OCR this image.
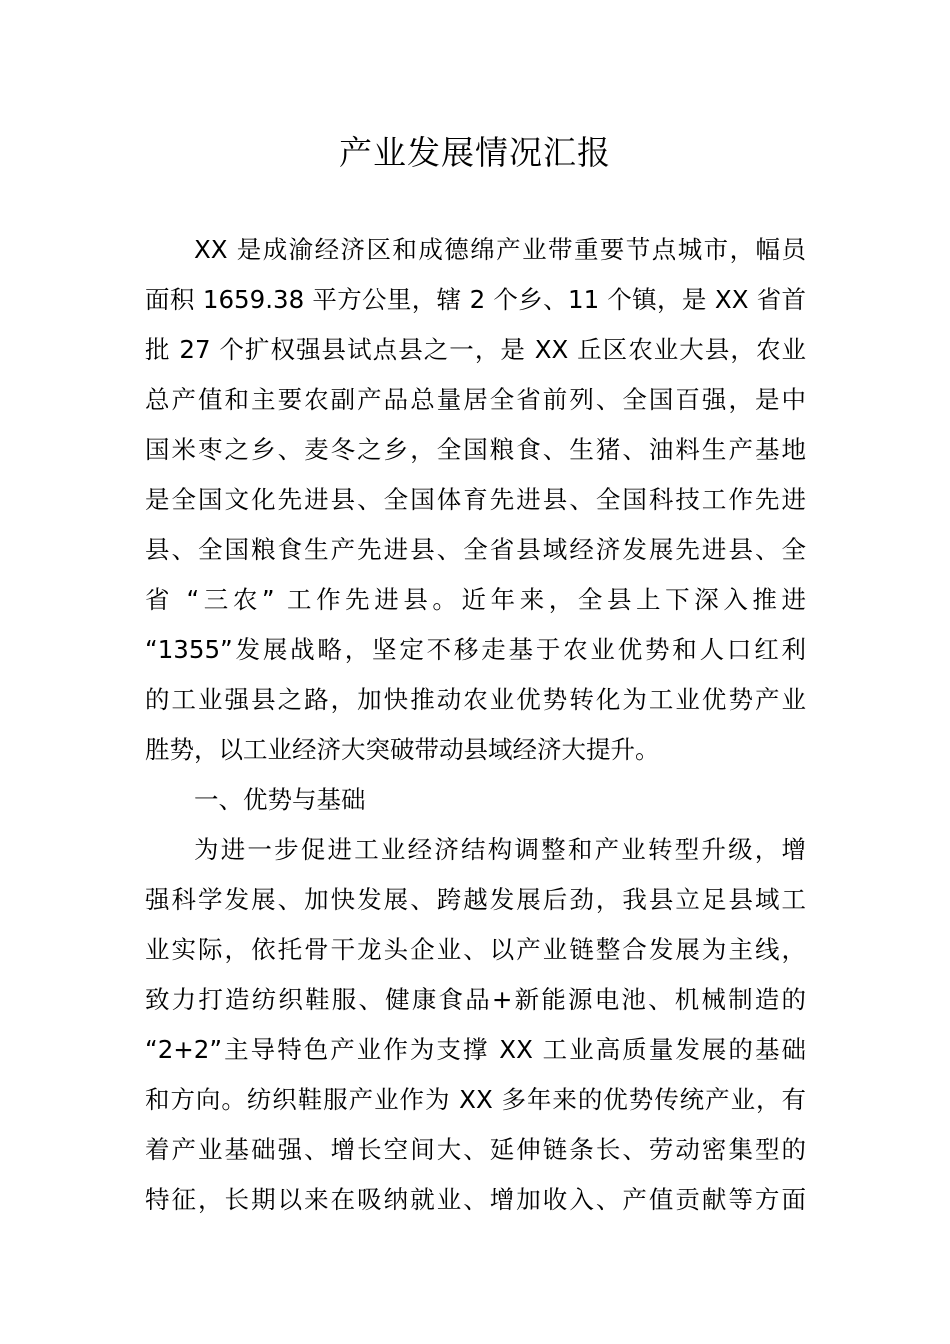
产业发展情况汇报
XX 是成渝经济区和成德绵产业带重要节点城市，幅员
面积 1659.38 平方公里，辖 2 个乡、11 个镇，是 XX 省首
批 27 个扩权强县试点县之一，是 XX 丘区农业大县，农业
总产值和主要农副产品总量居全省前列、全国百强，是中
国米枣之乡、麦冬之乡，全国粮食、生猪、油料生产基地
是全国文化先进县、全国体育先进县、全国科技工作先进
县、全国粮食生产先进县、全省县域经济发展先进县、全
省 “三农” 工作先进县。近年来，全县上下深入推进
“1355”发展战略，坚定不移走基于农业优势和人口红利
的工业强县之路，加快推动农业优势转化为工业优势产业
胜势，以工业经济大突破带动县域经济大提升。
一、优势与基础
为进一步促进工业经济结构调整和产业转型升级，增
强科学发展、加快发展、跨越发展后劲，我县立足县域工
业实际，依托骨干龙头企业、以产业链整合发展为主线，
致力打造纺织鞋服、健康食品+新能源电池、机械制造的
“2+2”主导特色产业作为支撑 XX 工业高质量发展的基础
和方向。纺织鞋服产业作为 XX 多年来的优势传统产业，有
着产业基础强、增长空间大、延伸链条长、劳动密集型的
特征，长期以来在吸纳就业、增加收入、产值贡献等方面
